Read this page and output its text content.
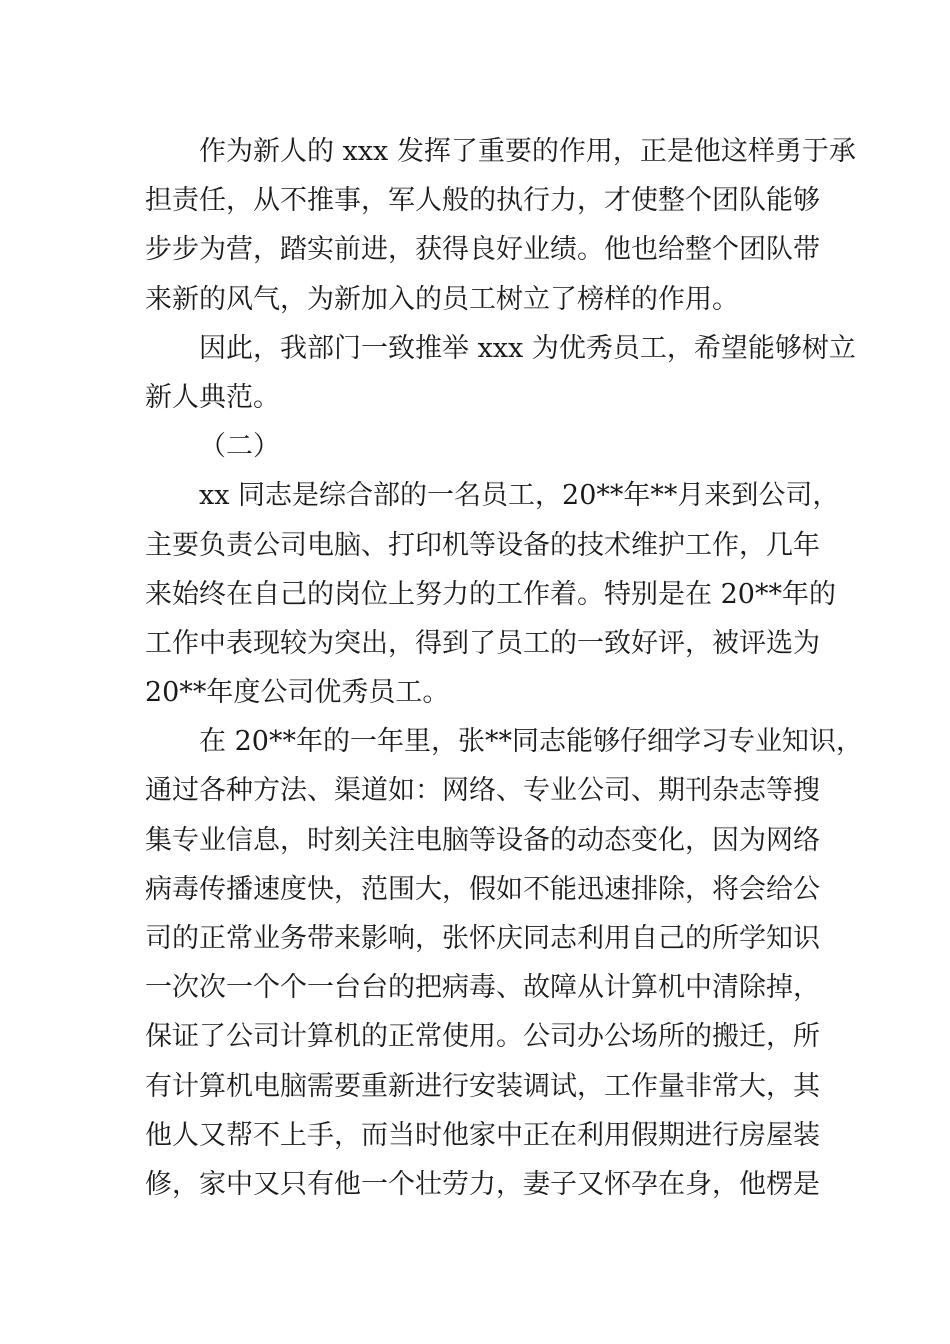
作为新人的 xxx 发挥了重要的作用，正是他这样勇于承
担责任，从不推事，军人般的执行力，才使整个团队能够
步步为营，踏实前进，获得良好业绩。他也给整个团队带
来新的风气，为新加入的员工树立了榜样的作用。
因此，我部门一致推举 xxx 为优秀员工，希望能够树立
新人典范。
（二）
xx 同志是综合部的一名员工，20**年**月来到公司，
主要负责公司电脑、打印机等设备的技术维护工作，几年
来始终在自己的岗位上努力的工作着。特别是在 20**年的
工作中表现较为突出，得到了员工的一致好评，被评选为
20**年度公司优秀员工。
在 20**年的一年里，张**同志能够仔细学习专业知识，
通过各种方法、渠道如：网络、专业公司、期刊杂志等搜
集专业信息，时刻关注电脑等设备的动态变化，因为网络
病毒传播速度快，范围大，假如不能迅速排除，将会给公
司的正常业务带来影响，张怀庆同志利用自己的所学知识
一次次一个个一台台的把病毒、故障从计算机中清除掉，
保证了公司计算机的正常使用。公司办公场所的搬迁，所
有计算机电脑需要重新进行安装调试，工作量非常大，其
他人又帮不上手，而当时他家中正在利用假期进行房屋装
修，家中又只有他一个壮劳力，妻子又怀孕在身，他楞是
